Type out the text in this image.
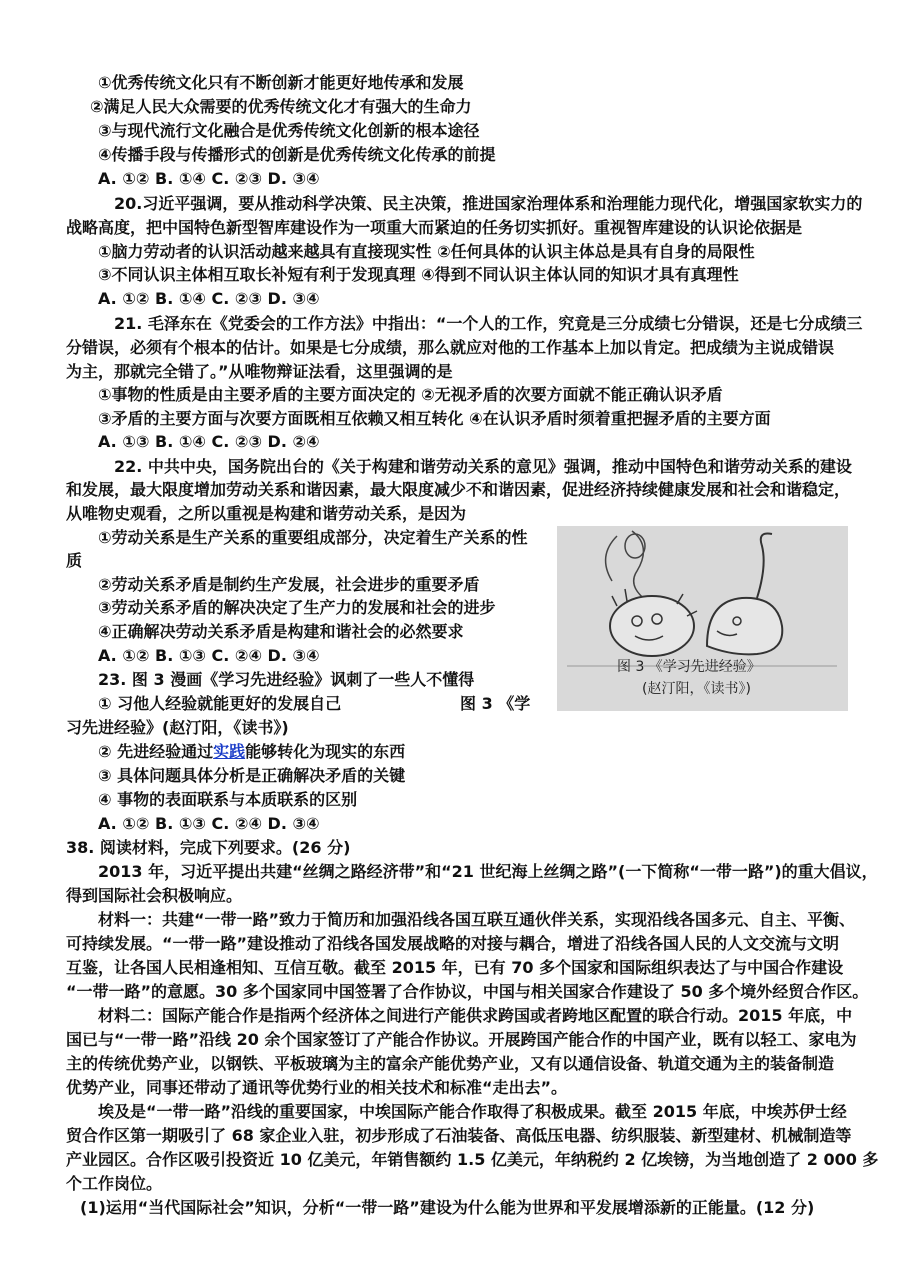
①优秀传统文化只有不断创新才能更好地传承和发展
②满足人民大众需要的优秀传统文化才有强大的生命力
③与现代流行文化融合是优秀传统文化创新的根本途径
④传播手段与传播形式的创新是优秀传统文化传承的前提
A. ①② B. ①④ C. ②③ D. ③④
20.习近平强调，要从推动科学决策、民主决策，推进国家治理体系和治理能力现代化，增强国家软实力的
战略高度，把中国特色新型智库建设作为一项重大而紧迫的任务切实抓好。重视智库建设的认识论依据是
①脑力劳动者的认识活动越来越具有直接现实性 ②任何具体的认识主体总是具有自身的局限性
③不同认识主体相互取长补短有利于发现真理 ④得到不同认识主体认同的知识才具有真理性
A. ①② B. ①④ C. ②③ D. ③④
21. 毛泽东在《党委会的工作方法》中指出：“一个人的工作，究竟是三分成绩七分错误，还是七分成绩三
分错误，必须有个根本的估计。如果是七分成绩，那么就应对他的工作基本上加以肯定。把成绩为主说成错误
为主，那就完全错了。”从唯物辩证法看，这里强调的是
①事物的性质是由主要矛盾的主要方面决定的 ②无视矛盾的次要方面就不能正确认识矛盾
③矛盾的主要方面与次要方面既相互依赖又相互转化 ④在认识矛盾时须着重把握矛盾的主要方面
A. ①③ B. ①④ C. ②③ D. ②④
22. 中共中央，国务院出台的《关于构建和谐劳动关系的意见》强调，推动中国特色和谐劳动关系的建设
和发展，最大限度增加劳动关系和谐因素，最大限度减少不和谐因素，促进经济持续健康发展和社会和谐稳定，
从唯物史观看，之所以重视是构建和谐劳动关系，是因为
①劳动关系是生产关系的重要组成部分，决定着生产关系的性
质
②劳动关系矛盾是制约生产发展，社会进步的重要矛盾
③劳动关系矛盾的解决决定了生产力的发展和社会的进步
④正确解决劳动关系矛盾是构建和谐社会的必然要求
A. ①② B. ①③ C. ②④ D. ③④
23. 图 3 漫画《学习先进经验》讽刺了一些人不懂得
① 习他人经验就能更好的发展自己	图 3 《学
习先进经验》(赵汀阳，《读书》)
② 先进经验通过实践能够转化为现实的东西
③ 具体问题具体分析是正确解决矛盾的关键
④ 事物的表面联系与本质联系的区别
A. ①② B. ①③ C. ②④ D. ③④
图 3 《学习先进经验》
(赵汀阳，《读书》)
38. 阅读材料，完成下列要求。(26 分)
2013 年，习近平提出共建“丝绸之路经济带”和“21 世纪海上丝绸之路”(一下简称“一带一路”)的重大倡议，
得到国际社会积极响应。
材料一：共建“一带一路”致力于简历和加强沿线各国互联互通伙伴关系，实现沿线各国多元、自主、平衡、
可持续发展。“一带一路”建设推动了沿线各国发展战略的对接与耦合，增进了沿线各国人民的人文交流与文明
互鉴，让各国人民相逢相知、互信互敬。截至 2015 年，已有 70 多个国家和国际组织表达了与中国合作建设
“一带一路”的意愿。30 多个国家同中国签署了合作协议，中国与相关国家合作建设了 50 多个境外经贸合作区。
材料二：国际产能合作是指两个经济体之间进行产能供求跨国或者跨地区配置的联合行动。2015 年底，中
国已与“一带一路”沿线 20 余个国家签订了产能合作协议。开展跨国产能合作的中国产业，既有以轻工、家电为
主的传统优势产业，以钢铁、平板玻璃为主的富余产能优势产业，又有以通信设备、轨道交通为主的装备制造
优势产业，同事还带动了通讯等优势行业的相关技术和标准“走出去”。
埃及是“一带一路”沿线的重要国家，中埃国际产能合作取得了积极成果。截至 2015 年底，中埃苏伊士经
贸合作区第一期吸引了 68 家企业入驻，初步形成了石油装备、高低压电器、纺织服装、新型建材、机械制造等
产业园区。合作区吸引投资近 10 亿美元，年销售额约 1.5 亿美元，年纳税约 2 亿埃镑，为当地创造了 2 000 多
个工作岗位。
(1)运用“当代国际社会”知识，分析“一带一路”建设为什么能为世界和平发展增添新的正能量。(12 分)
